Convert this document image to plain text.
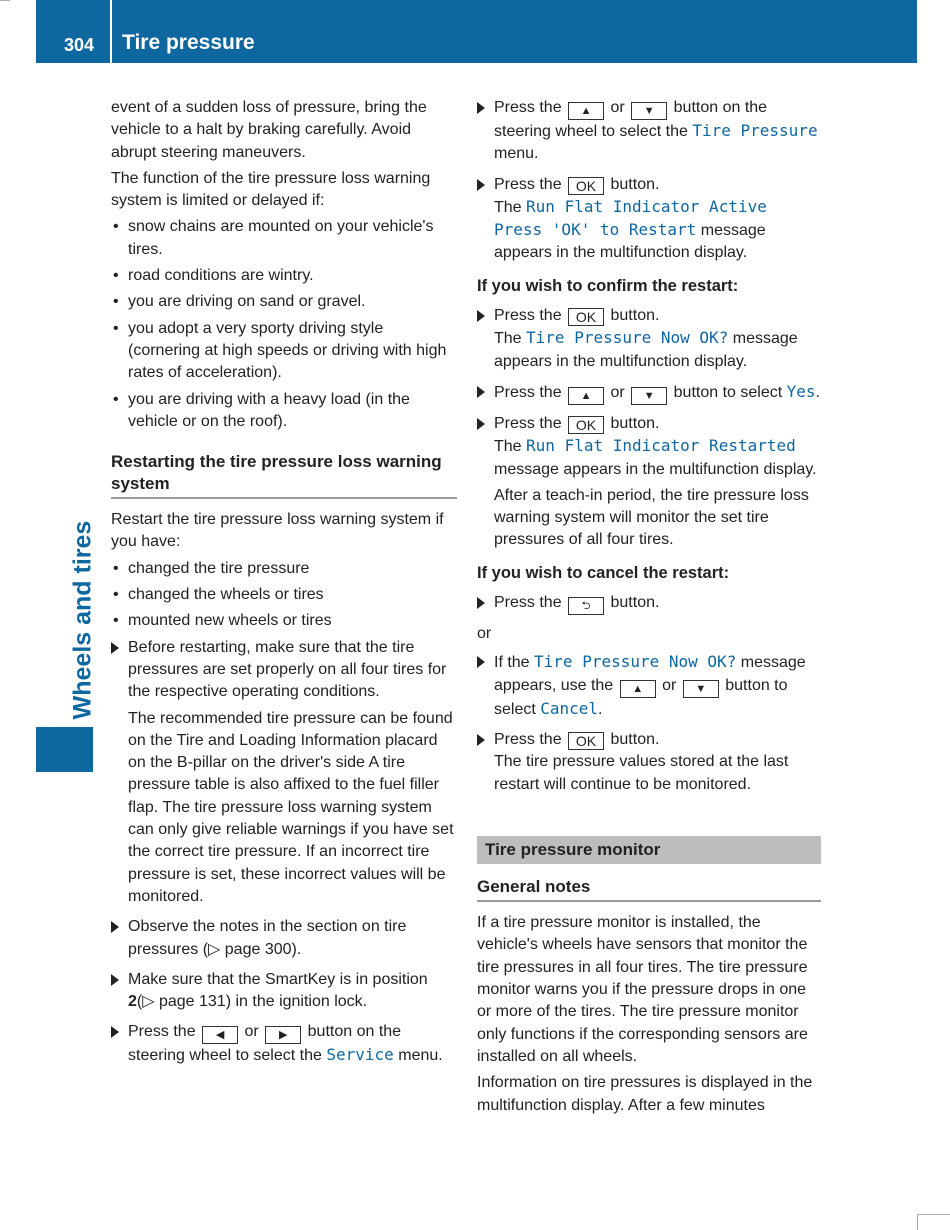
304 Tire pressure
Wheels and tires

event of a sudden loss of pressure, bring the vehicle to a halt by braking carefully. Avoid abrupt steering maneuvers.

The function of the tire pressure loss warning system is limited or delayed if:

• snow chains are mounted on your vehicle's tires.
• road conditions are wintry.
• you are driving on sand or gravel.
• you adopt a very sporty driving style (cornering at high speeds or driving with high rates of acceleration).
• you are driving with a heavy load (in the vehicle or on the roof).
Restarting the tire pressure loss warning system

Restart the tire pressure loss warning system if you have:

• changed the tire pressure
• changed the wheels or tires
• mounted new wheels or tires

Before restarting, make sure that the tire pressures are set properly on all four tires for the respective operating conditions.

The recommended tire pressure can be found on the Tire and Loading Information placard on the B-pillar on the driver's side A tire pressure table is also affixed to the fuel filler flap. The tire pressure loss warning system can only give reliable warnings if you have set the correct tire pressure. If an incorrect tire pressure is set, these incorrect values will be monitored.

Observe the notes in the section on tire pressures (▷ page 300).

Make sure that the SmartKey is in position 2(▷ page 131) in the ignition lock.

Press the ◀ or ▶ button on the steering wheel to select the Service menu.

Press the ▲ or ▼ button on the steering wheel to select the Tire Pressure menu.

Press the OK button.
The Run Flat Indicator Active Press 'OK' to Restart message appears in the multifunction display.

If you wish to confirm the restart:

Press the OK button.
The Tire Pressure Now OK? message appears in the multifunction display.

Press the ▲ or ▼ button to select Yes.

Press the OK button.
The Run Flat Indicator Restarted message appears in the multifunction display.

After a teach-in period, the tire pressure loss warning system will monitor the set tire pressures of all four tires.

If you wish to cancel the restart:

Press the ⮌ button.

or

If the Tire Pressure Now OK? message appears, use the ▲ or ▼ button to select Cancel.

Press the OK button.
The tire pressure values stored at the last restart will continue to be monitored.

Tire pressure monitor
General notes

If a tire pressure monitor is installed, the vehicle's wheels have sensors that monitor the tire pressures in all four tires. The tire pressure monitor warns you if the pressure drops in one or more of the tires. The tire pressure monitor only functions if the corresponding sensors are installed on all wheels.

Information on tire pressures is displayed in the multifunction display. After a few minutes
